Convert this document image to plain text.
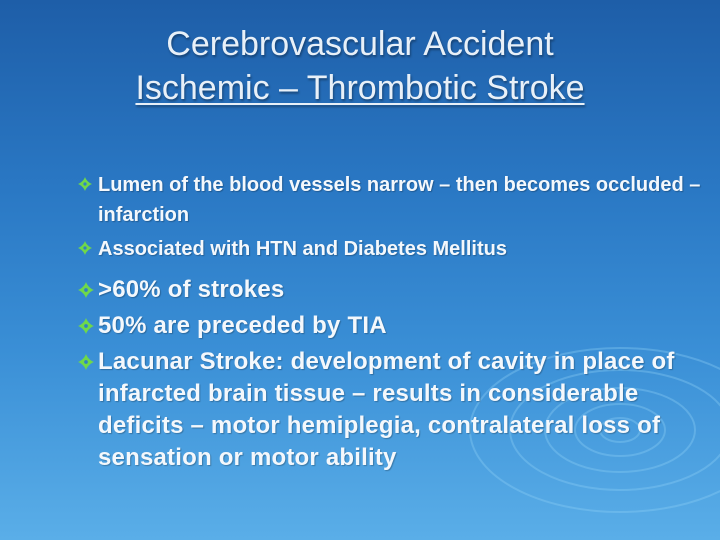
Cerebrovascular Accident
Ischemic – Thrombotic Stroke
Lumen of the blood vessels narrow – then becomes occluded – infarction
Associated with HTN and Diabetes Mellitus
>60% of strokes
50% are preceded by TIA
Lacunar Stroke: development of cavity in place of infarcted brain tissue – results in considerable deficits – motor hemiplegia, contralateral loss of sensation or motor ability
